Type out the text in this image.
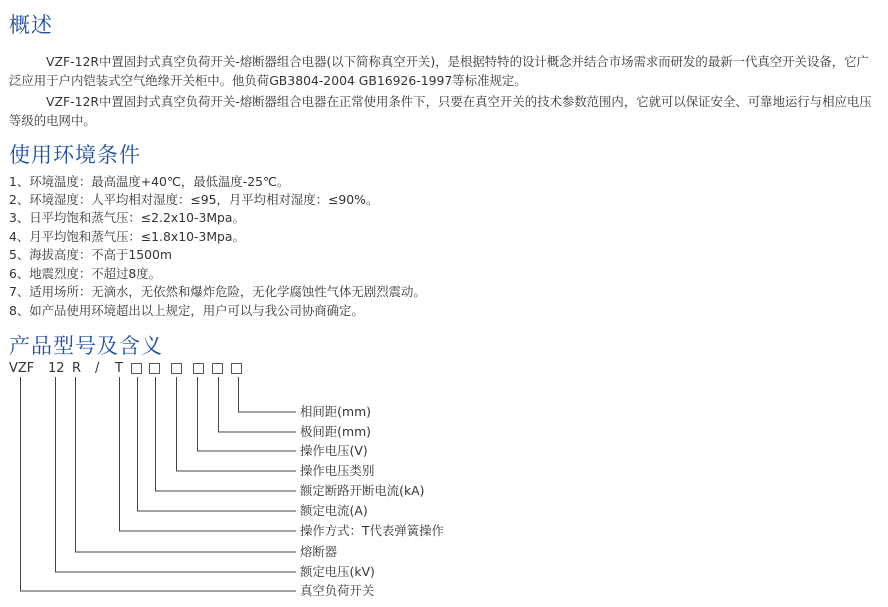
概述

VZF-12R中置固封式真空负荷开关-熔断器组合电器(以下简称真空开关)，是根据特特的设计概念并结合市场需求而研发的最新一代真空开关设备，它广泛应用于户内铠装式空气绝缘开关柜中。他负荷GB3804-2004 GB16926-1997等标准规定。

VZF-12R中置固封式真空负荷开关-熔断器组合电器在正常使用条件下，只要在真空开关的技术参数范围内，它就可以保证安全、可靠地运行与相应电压等级的电网中。

使用环境条件

1、环境温度：最高温度+40℃，最低温度-25℃。

2、环境湿度：人平均相对湿度：≤95，月平均相对湿度：≤90%。

3、日平均饱和蒸气压：≤2.2x10-3Mpa。

4、月平均饱和蒸气压：≤1.8x10-3Mpa。

5、海拔高度：不高于1500m

6、地震烈度：不超过8度。

7、适用场所：无滴水，无依然和爆炸危险，无化学腐蚀性气体无剧烈震动。

8、如产品使用环境超出以上规定，用户可以与我公司协商确定。

产品型号及含义
VZF 12 R / T
相间距(mm)
极间距(mm)
操作电压(V)
操作电压类别
额定断路开断电流(kA)
额定电流(A)
操作方式：T代表弹簧操作
熔断器
额定电压(kV)
真空负荷开关
